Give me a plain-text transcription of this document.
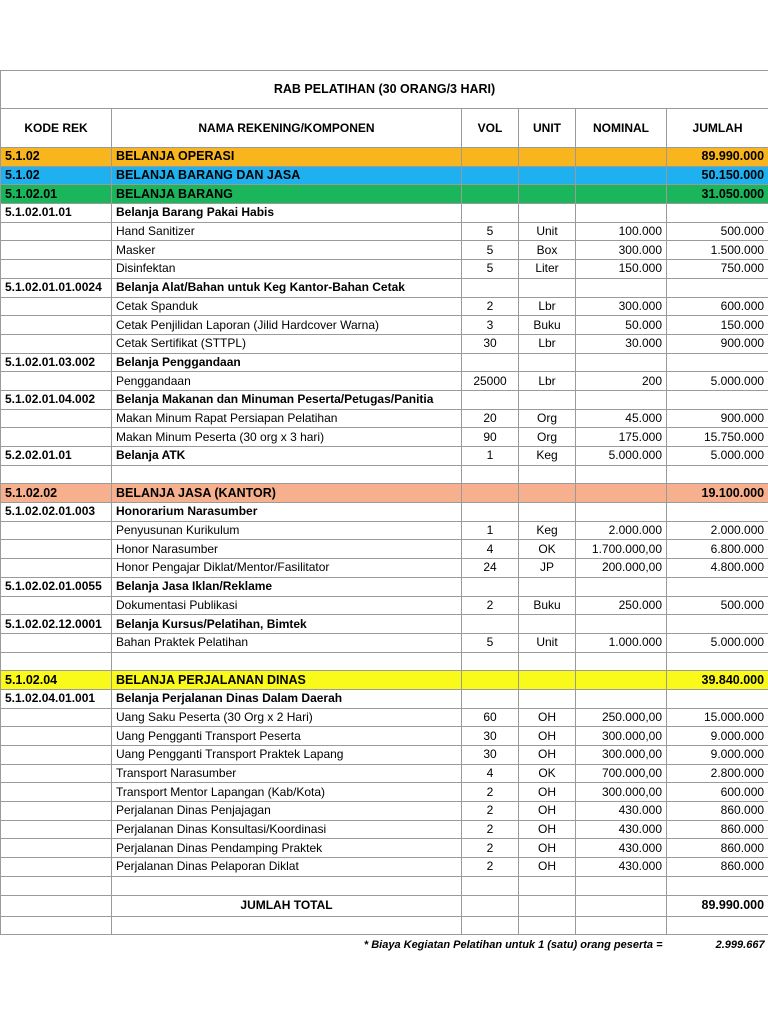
RAB PELATIHAN (30 ORANG/3 HARI)					
KODE REK	NAMA REKENING/KOMPONEN	VOL	UNIT	NOMINAL	JUMLAH
5.1.02	BELANJA OPERASI				89.990.000
5.1.02	BELANJA BARANG DAN JASA				50.150.000
5.1.02.01	BELANJA BARANG				31.050.000
5.1.02.01.01	Belanja Barang Pakai Habis				
	Hand Sanitizer	5	Unit	100.000	500.000
	Masker	5	Box	300.000	1.500.000
	Disinfektan	5	Liter	150.000	750.000
5.1.02.01.01.0024	Belanja Alat/Bahan untuk Keg Kantor-Bahan Cetak				
	Cetak Spanduk	2	Lbr	300.000	600.000
	Cetak Penjilidan Laporan (Jilid Hardcover Warna)	3	Buku	50.000	150.000
	Cetak Sertifikat (STTPL)	30	Lbr	30.000	900.000
5.1.02.01.03.002	Belanja Penggandaan				
	Penggandaan	25000	Lbr	200	5.000.000
5.1.02.01.04.002	Belanja Makanan dan Minuman Peserta/Petugas/Panitia				
	Makan Minum Rapat Persiapan Pelatihan	20	Org	45.000	900.000
	Makan Minum Peserta (30 org x 3 hari)	90	Org	175.000	15.750.000
5.2.02.01.01	Belanja ATK	1	Keg	5.000.000	5.000.000

5.1.02.02	BELANJA JASA (KANTOR)				19.100.000
5.1.02.02.01.003	Honorarium Narasumber				
	Penyusunan Kurikulum	1	Keg	2.000.000	2.000.000
	Honor Narasumber	4	OK	1.700.000,00	6.800.000
	Honor Pengajar Diklat/Mentor/Fasilitator	24	JP	200.000,00	4.800.000
5.1.02.02.01.0055	Belanja Jasa Iklan/Reklame				
	Dokumentasi Publikasi	2	Buku	250.000	500.000
5.1.02.02.12.0001	Belanja Kursus/Pelatihan, Bimtek				
	Bahan Praktek Pelatihan	5	Unit	1.000.000	5.000.000

5.1.02.04	BELANJA PERJALANAN DINAS				39.840.000
5.1.02.04.01.001	Belanja Perjalanan Dinas Dalam Daerah				
	Uang Saku Peserta (30 Org x 2 Hari)	60	OH	250.000,00	15.000.000
	Uang Pengganti Transport Peserta	30	OH	300.000,00	9.000.000
	Uang Pengganti Transport Praktek Lapang	30	OH	300.000,00	9.000.000
	Transport Narasumber	4	OK	700.000,00	2.800.000
	Transport Mentor Lapangan (Kab/Kota)	2	OH	300.000,00	600.000
	Perjalanan Dinas Penjajagan	2	OH	430.000	860.000
	Perjalanan Dinas Konsultasi/Koordinasi	2	OH	430.000	860.000
	Perjalanan Dinas Pendamping Praktek	2	OH	430.000	860.000
	Perjalanan Dinas Pelaporan Diklat	2	OH	430.000	860.000

	JUMLAH TOTAL				89.990.000

	* Biaya Kegiatan Pelatihan untuk 1 (satu) orang peserta =				2.999.667
